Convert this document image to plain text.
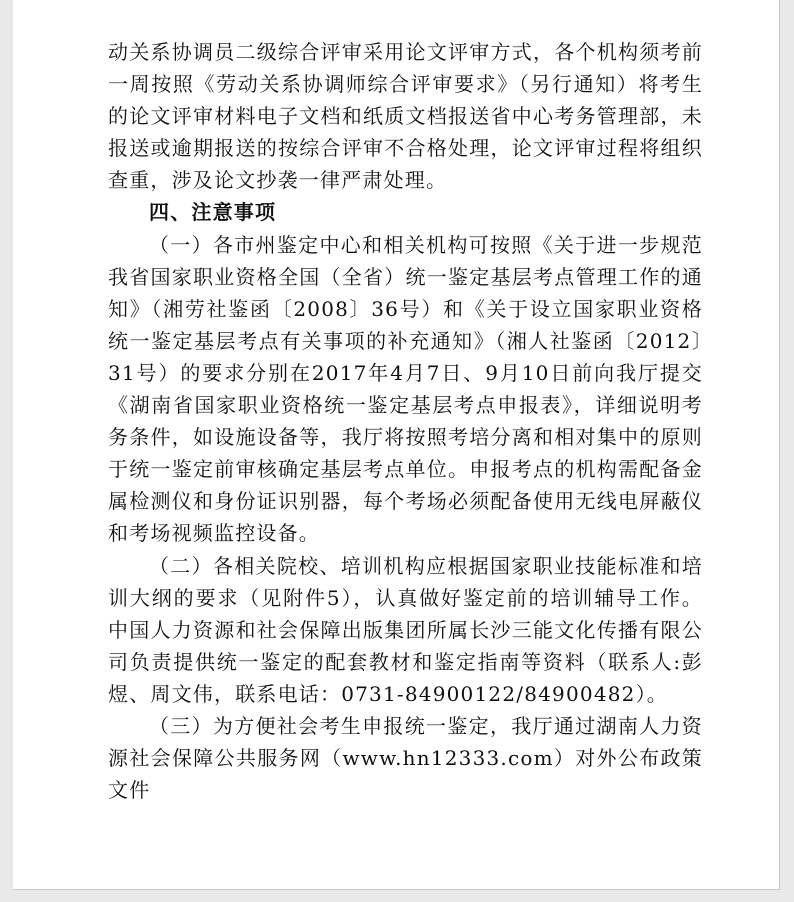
动关系协调员二级综合评审采用论文评审方式，各个机构须考前一周按照《劳动关系协调师综合评审要求》（另行通知）将考生的论文评审材料电子文档和纸质文档报送省中心考务管理部，未报送或逾期报送的按综合评审不合格处理，论文评审过程将组织查重，涉及论文抄袭一律严肃处理。

四、注意事项

（一）各市州鉴定中心和相关机构可按照《关于进一步规范我省国家职业资格全国（全省）统一鉴定基层考点管理工作的通知》（湘劳社鉴函〔2008〕36号）和《关于设立国家职业资格统一鉴定基层考点有关事项的补充通知》（湘人社鉴函〔2012〕31号）的要求分别在2017年4月7日、9月10日前向我厅提交《湖南省国家职业资格统一鉴定基层考点申报表》，详细说明考务条件，如设施设备等，我厅将按照考培分离和相对集中的原则于统一鉴定前审核确定基层考点单位。申报考点的机构需配备金属检测仪和身份证识别器，每个考场必须配备使用无线电屏蔽仪和考场视频监控设备。

（二）各相关院校、培训机构应根据国家职业技能标准和培训大纲的要求（见附件5），认真做好鉴定前的培训辅导工作。中国人力资源和社会保障出版集团所属长沙三能文化传播有限公司负责提供统一鉴定的配套教材和鉴定指南等资料（联系人:彭煜、周文伟，联系电话：0731-84900122/84900482）。

（三）为方便社会考生申报统一鉴定，我厅通过湖南人力资源社会保障公共服务网（www.hn12333.com）对外公布政策文件
